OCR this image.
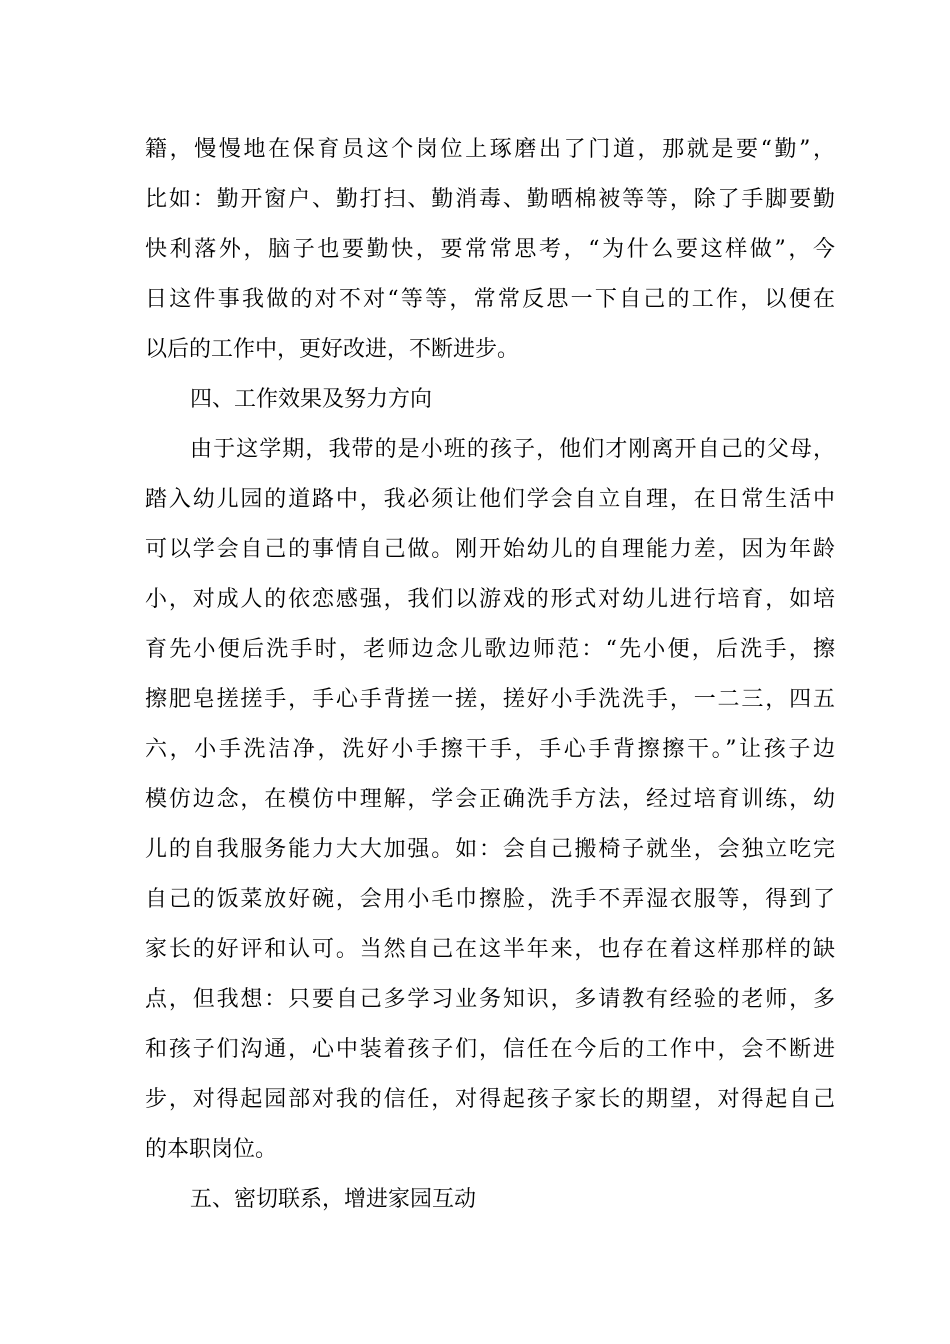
籍，慢慢地在保育员这个岗位上琢磨出了门道，那就是要“勤”，

比如：勤开窗户、勤打扫、勤消毒、勤晒棉被等等，除了手脚要勤

快利落外，脑子也要勤快，要常常思考，“为什么要这样做”，今

日这件事我做的对不对“等等，常常反思一下自己的工作，以便在

以后的工作中，更好改进，不断进步。

四、工作效果及努力方向

由于这学期，我带的是小班的孩子，他们才刚离开自己的父母，

踏入幼儿园的道路中，我必须让他们学会自立自理，在日常生活中

可以学会自己的事情自己做。刚开始幼儿的自理能力差，因为年龄

小，对成人的依恋感强，我们以游戏的形式对幼儿进行培育，如培

育先小便后洗手时，老师边念儿歌边师范：“先小便，后洗手，擦

擦肥皂搓搓手，手心手背搓一搓，搓好小手洗洗手，一二三，四五

六，小手洗洁净，洗好小手擦干手，手心手背擦擦干。”让孩子边

模仿边念，在模仿中理解，学会正确洗手方法，经过培育训练，幼

儿的自我服务能力大大加强。如：会自己搬椅子就坐，会独立吃完

自己的饭菜放好碗，会用小毛巾擦脸，洗手不弄湿衣服等，得到了

家长的好评和认可。当然自己在这半年来，也存在着这样那样的缺

点，但我想：只要自己多学习业务知识，多请教有经验的老师，多

和孩子们沟通，心中装着孩子们，信任在今后的工作中，会不断进

步，对得起园部对我的信任，对得起孩子家长的期望，对得起自己

的本职岗位。

五、密切联系，增进家园互动
